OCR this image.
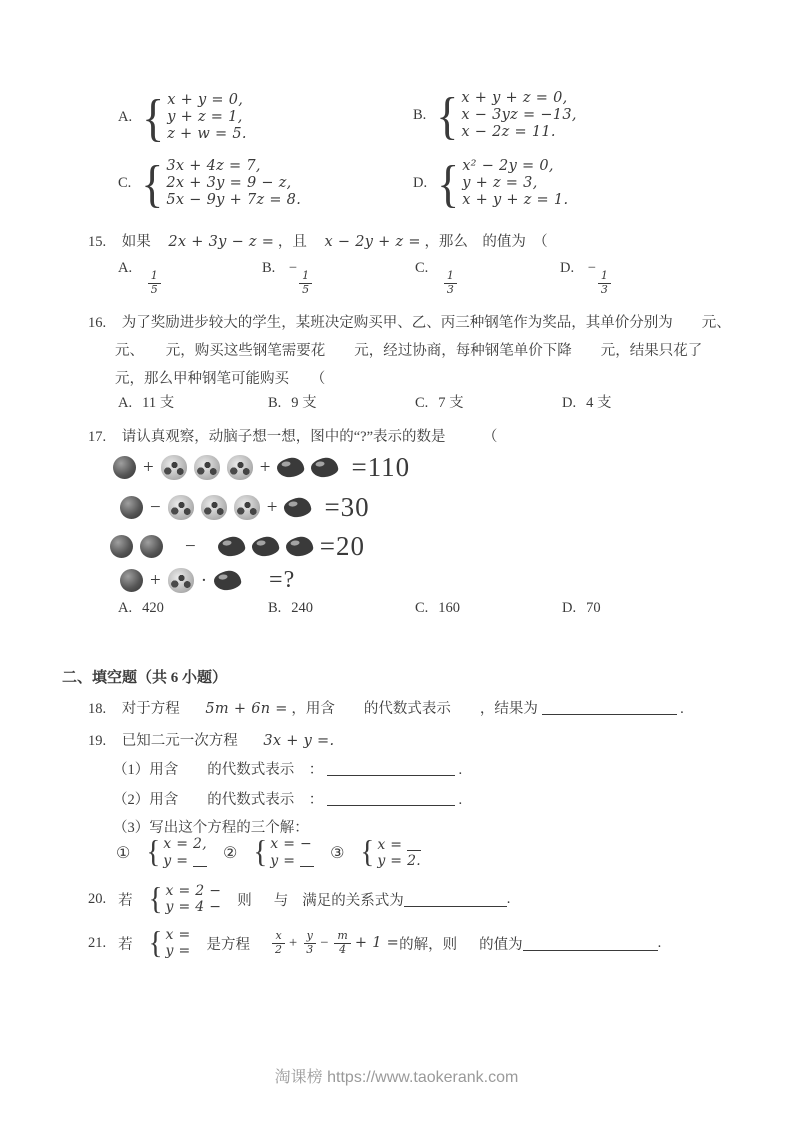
A. { x + y = 0,
y + z = 1,
z + w = 5.
B. { x + y + z = 0,
x − 3yz = −13,
x − 2z = 11.
C. { 3x + 4z = 7,
2x + 3y = 9 − z,
5x − 9y + 7z = 8.
D. { x² − 2y = 0,
y + z = 3,
x + y + z = 1.
15. 如果 2x + 3y − z = ，且 x − 2y + z = ，那么　的值为　（
A.
$\frac{1}{5}$
B. −
$\frac{1}{5}$
C.
$\frac{1}{3}$
D. −
$\frac{1}{3}$
16. 为了奖励进步较大的学生，某班决定购买甲、乙、丙三种钢笔作为奖品，其单价分别为　　元、
元、　　元，购买这些钢笔需要花　　元，经过协商，每种钢笔单价下降　　元，结果只花了
元，那么甲种钢笔可能购买　　（
A. 11 支	B. 9 支	C. 7 支	D. 4 支
17. 请认真观察，动脑子想一想，图中的“?”表示的数是	（
+	+	=110
−	+ =30
−	=20
+ ·	=?
A. 420	B. 240	C. 160	D. 70
二、填空题（共 6 小题）
18. 对于方程 5m + 6n = ，用含　　的代数式表示　　，结果为	.
19. 已知二元一次方程 3x + y =.
（1）用含　　的代数式表示　：	.
（2）用含　　的代数式表示　：	.
（3）写出这个方程的三个解：
① { x = 2,
y =	② { x = −
y =	③ { x =
y = 2.
20. 若 { x = 2 −
y = 4 − 则 与 满足的关系式为	.
21. 若 { x =
y = 是方程 $\frac{x}{2} + \frac{y}{3} - \frac{m}{4} + 1$ = 的解，则 的值为	.
淘课榜 https://www.taokerank.com
